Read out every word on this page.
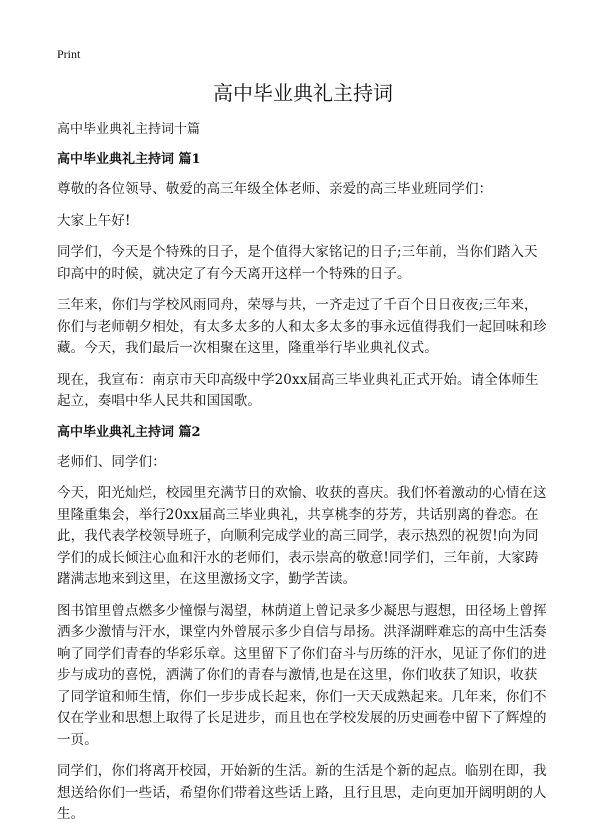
Print
高中毕业典礼主持词

高中毕业典礼主持词十篇

高中毕业典礼主持词 篇1

尊敬的各位领导、敬爱的高三年级全体老师、亲爱的高三毕业班同学们：

大家上午好!

同学们，今天是个特殊的日子，是个值得大家铭记的日子;三年前，当你们踏入天印高中的时候，就决定了有今天离开这样一个特殊的日子。

三年来，你们与学校风雨同舟，荣辱与共，一齐走过了千百个日日夜夜;三年来，你们与老师朝夕相处，有太多太多的人和太多太多的事永远值得我们一起回味和珍藏。今天，我们最后一次相聚在这里，隆重举行毕业典礼仪式。

现在，我宣布：南京市天印高级中学20xx届高三毕业典礼正式开始。请全体师生起立，奏唱中华人民共和国国歌。

高中毕业典礼主持词 篇2

老师们、同学们：

今天，阳光灿烂，校园里充满节日的欢愉、收获的喜庆。我们怀着激动的心情在这里隆重集会，举行20xx届高三毕业典礼，共享桃李的芬芳，共话别离的眷恋。在此，我代表学校领导班子，向顺利完成学业的高三同学，表示热烈的祝贺!向为同学们的成长倾注心血和汗水的老师们，表示崇高的敬意!同学们，三年前，大家踌躇满志地来到这里，在这里激扬文字，勤学苦读。

图书馆里曾点燃多少憧憬与渴望，林荫道上曾记录多少凝思与遐想，田径场上曾挥洒多少激情与汗水，课堂内外曾展示多少自信与昂扬。洪泽湖畔难忘的高中生活奏响了同学们青春的华彩乐章。这里留下了你们奋斗与历练的汗水，见证了你们的进步与成功的喜悦，洒满了你们的青春与激情,也是在这里，你们收获了知识，收获了同学谊和师生情，你们一步步成长起来，你们一天天成熟起来。几年来，你们不仅在学业和思想上取得了长足进步，而且也在学校发展的历史画卷中留下了辉煌的一页。

同学们，你们将离开校园，开始新的生活。新的生活是个新的起点。临别在即，我想送给你们一些话，希望你们带着这些话上路，且行且思，走向更加开阔明朗的人生。
